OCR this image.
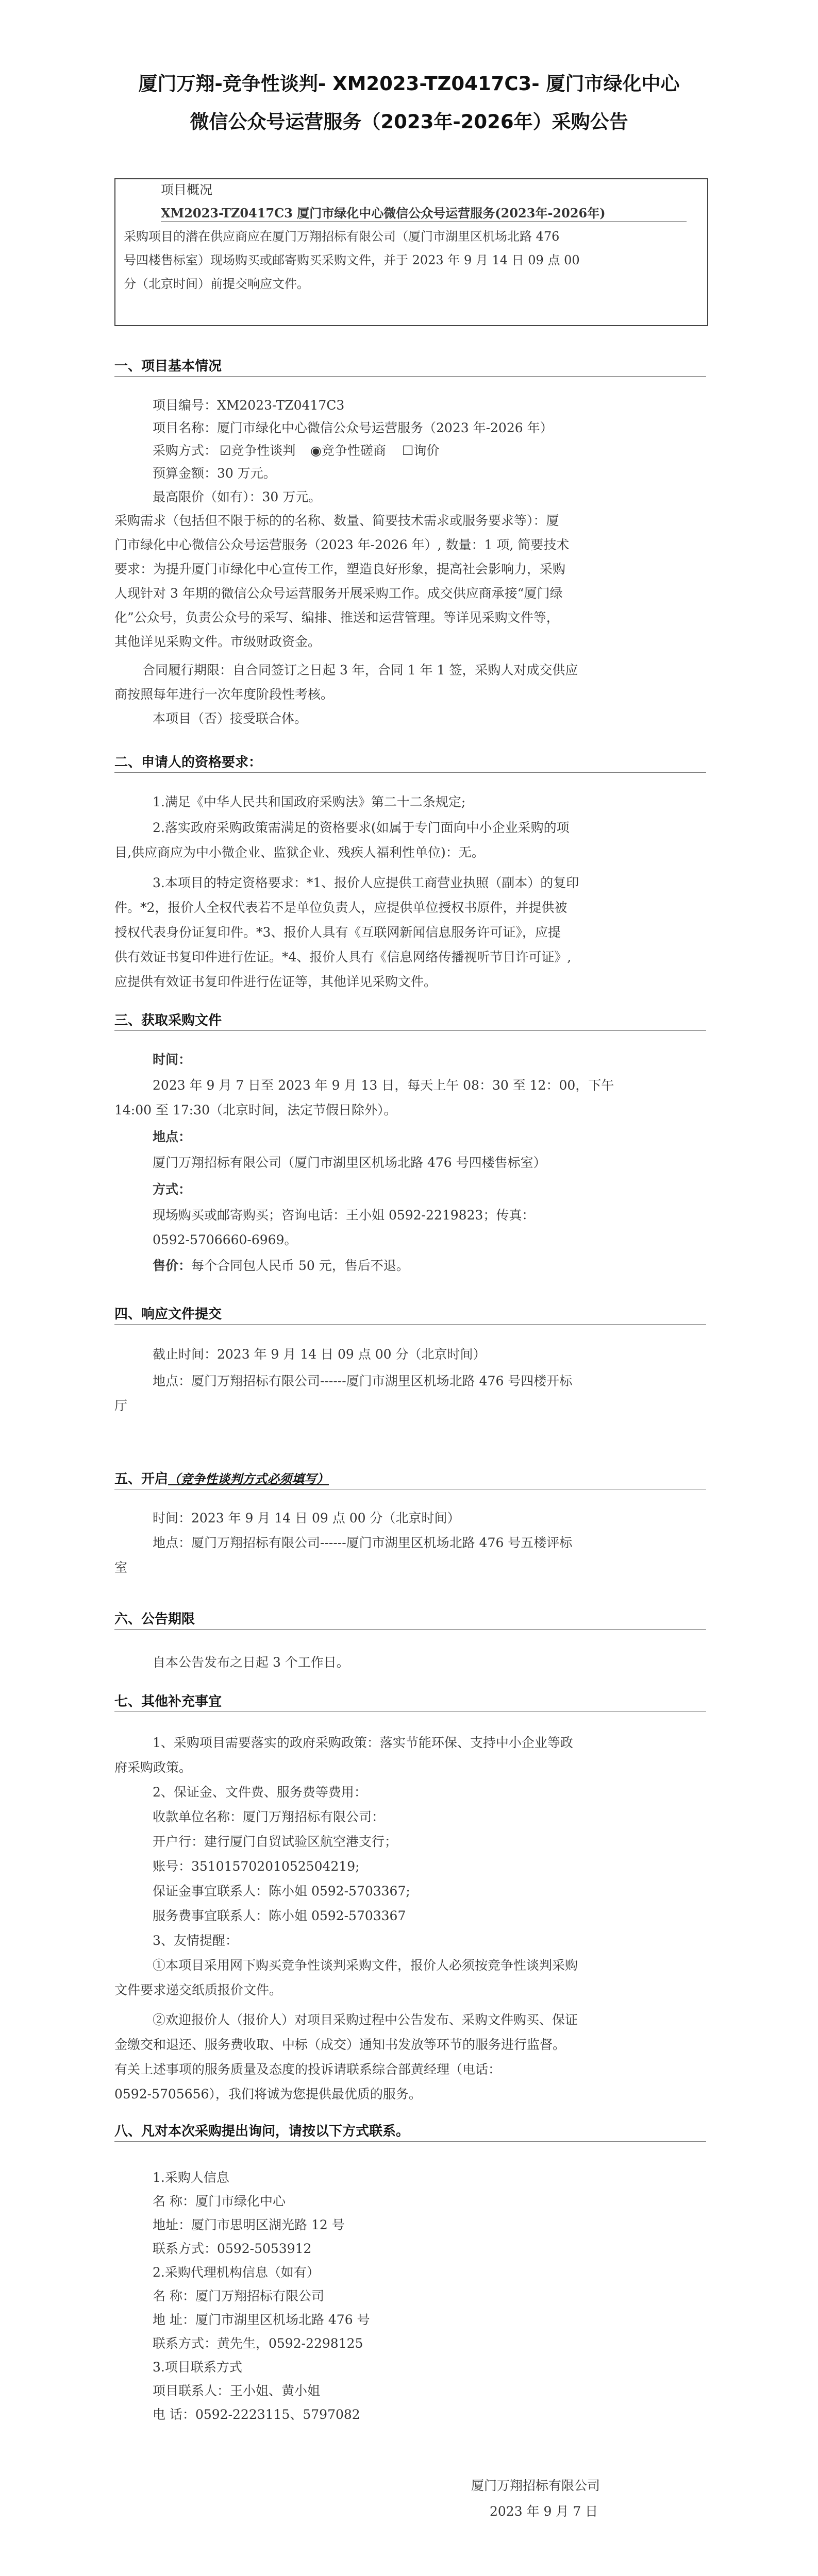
厦门万翔-竞争性谈判- XM2023-TZ0417C3- 厦门市绿化中心
微信公众号运营服务（2023年-2026年）采购公告
项目概况
XM2023-TZ0417C3 厦门市绿化中心微信公众号运营服务(2023年-2026年)
采购项目的潜在供应商应在厦门万翔招标有限公司（厦门市湖里区机场北路 476
号四楼售标室）现场购买或邮寄购买采购文件，并于 2023 年 9 月 14 日 09 点 00
分（北京时间）前提交响应文件。
一、项目基本情况
项目编号：XM2023-TZ0417C3
项目名称：厦门市绿化中心微信公众号运营服务（2023 年-2026 年）
采购方式： ☑竞争性谈判 ◉竞争性磋商 ☐询价
预算金额：30 万元。
最高限价（如有）：30 万元。
采购需求（包括但不限于标的的名称、数量、简要技术需求或服务要求等）：厦
门市绿化中心微信公众号运营服务（2023 年-2026 年）, 数量：1 项, 简要技术
要求：为提升厦门市绿化中心宣传工作，塑造良好形象，提高社会影响力，采购
人现针对 3 年期的微信公众号运营服务开展采购工作。成交供应商承接“厦门绿
化”公众号，负责公众号的采写、编排、推送和运营管理。等详见采购文件等，
其他详见采购文件。市级财政资金。
合同履行期限：自合同签订之日起 3 年，合同 1 年 1 签，采购人对成交供应
商按照每年进行一次年度阶段性考核。
本项目（否）接受联合体。
二、申请人的资格要求：
1.满足《中华人民共和国政府采购法》第二十二条规定;
2.落实政府采购政策需满足的资格要求(如属于专门面向中小企业采购的项
目,供应商应为中小微企业、监狱企业、残疾人福利性单位)：无。
3.本项目的特定资格要求：*1、报价人应提供工商营业执照（副本）的复印
件。*2，报价人全权代表若不是单位负责人，应提供单位授权书原件，并提供被
授权代表身份证复印件。*3、报价人具有《互联网新闻信息服务许可证》，应提
供有效证书复印件进行佐证。*4、报价人具有《信息网络传播视听节目许可证》,
应提供有效证书复印件进行佐证等，其他详见采购文件。
三、获取采购文件
时间：
2023 年 9 月 7 日至 2023 年 9 月 13 日，每天上午 08：30 至 12：00，下午
14:00 至 17:30（北京时间，法定节假日除外）。
地点：
厦门万翔招标有限公司（厦门市湖里区机场北路 476 号四楼售标室）
方式：
现场购买或邮寄购买；咨询电话：王小姐 0592-2219823；传真：
0592-5706660-6969。
售价：每个合同包人民币 50 元，售后不退。
四、响应文件提交
截止时间：2023 年 9 月 14 日 09 点 00 分（北京时间）
地点：厦门万翔招标有限公司------厦门市湖里区机场北路 476 号四楼开标
厅
五、开启（竞争性谈判方式必须填写）
时间：2023 年 9 月 14 日 09 点 00 分（北京时间）
地点：厦门万翔招标有限公司------厦门市湖里区机场北路 476 号五楼评标
室
六、公告期限
自本公告发布之日起 3 个工作日。
七、其他补充事宜
1、采购项目需要落实的政府采购政策：落实节能环保、支持中小企业等政
府采购政策。
2、保证金、文件费、服务费等费用：
收款单位名称：厦门万翔招标有限公司：
开户行：建行厦门自贸试验区航空港支行；
账号：35101570201052504219;
保证金事宜联系人：陈小姐 0592-5703367;
服务费事宜联系人：陈小姐 0592-5703367
3、友情提醒：
①本项目采用网下购买竞争性谈判采购文件，报价人必须按竞争性谈判采购
文件要求递交纸质报价文件。
②欢迎报价人（报价人）对项目采购过程中公告发布、采购文件购买、保证
金缴交和退还、服务费收取、中标（成交）通知书发放等环节的服务进行监督。
有关上述事项的服务质量及态度的投诉请联系综合部黄经理（电话：
0592-5705656），我们将诚为您提供最优质的服务。
八、凡对本次采购提出询问，请按以下方式联系。
1.采购人信息
名 称：厦门市绿化中心
地址：厦门市思明区湖光路 12 号
联系方式：0592-5053912
2.采购代理机构信息（如有）
名 称：厦门万翔招标有限公司
地 址：厦门市湖里区机场北路 476 号
联系方式：黄先生，0592-2298125
3.项目联系方式
项目联系人：王小姐、黄小姐
电 话：0592-2223115、5797082
厦门万翔招标有限公司
2023 年 9 月 7 日
